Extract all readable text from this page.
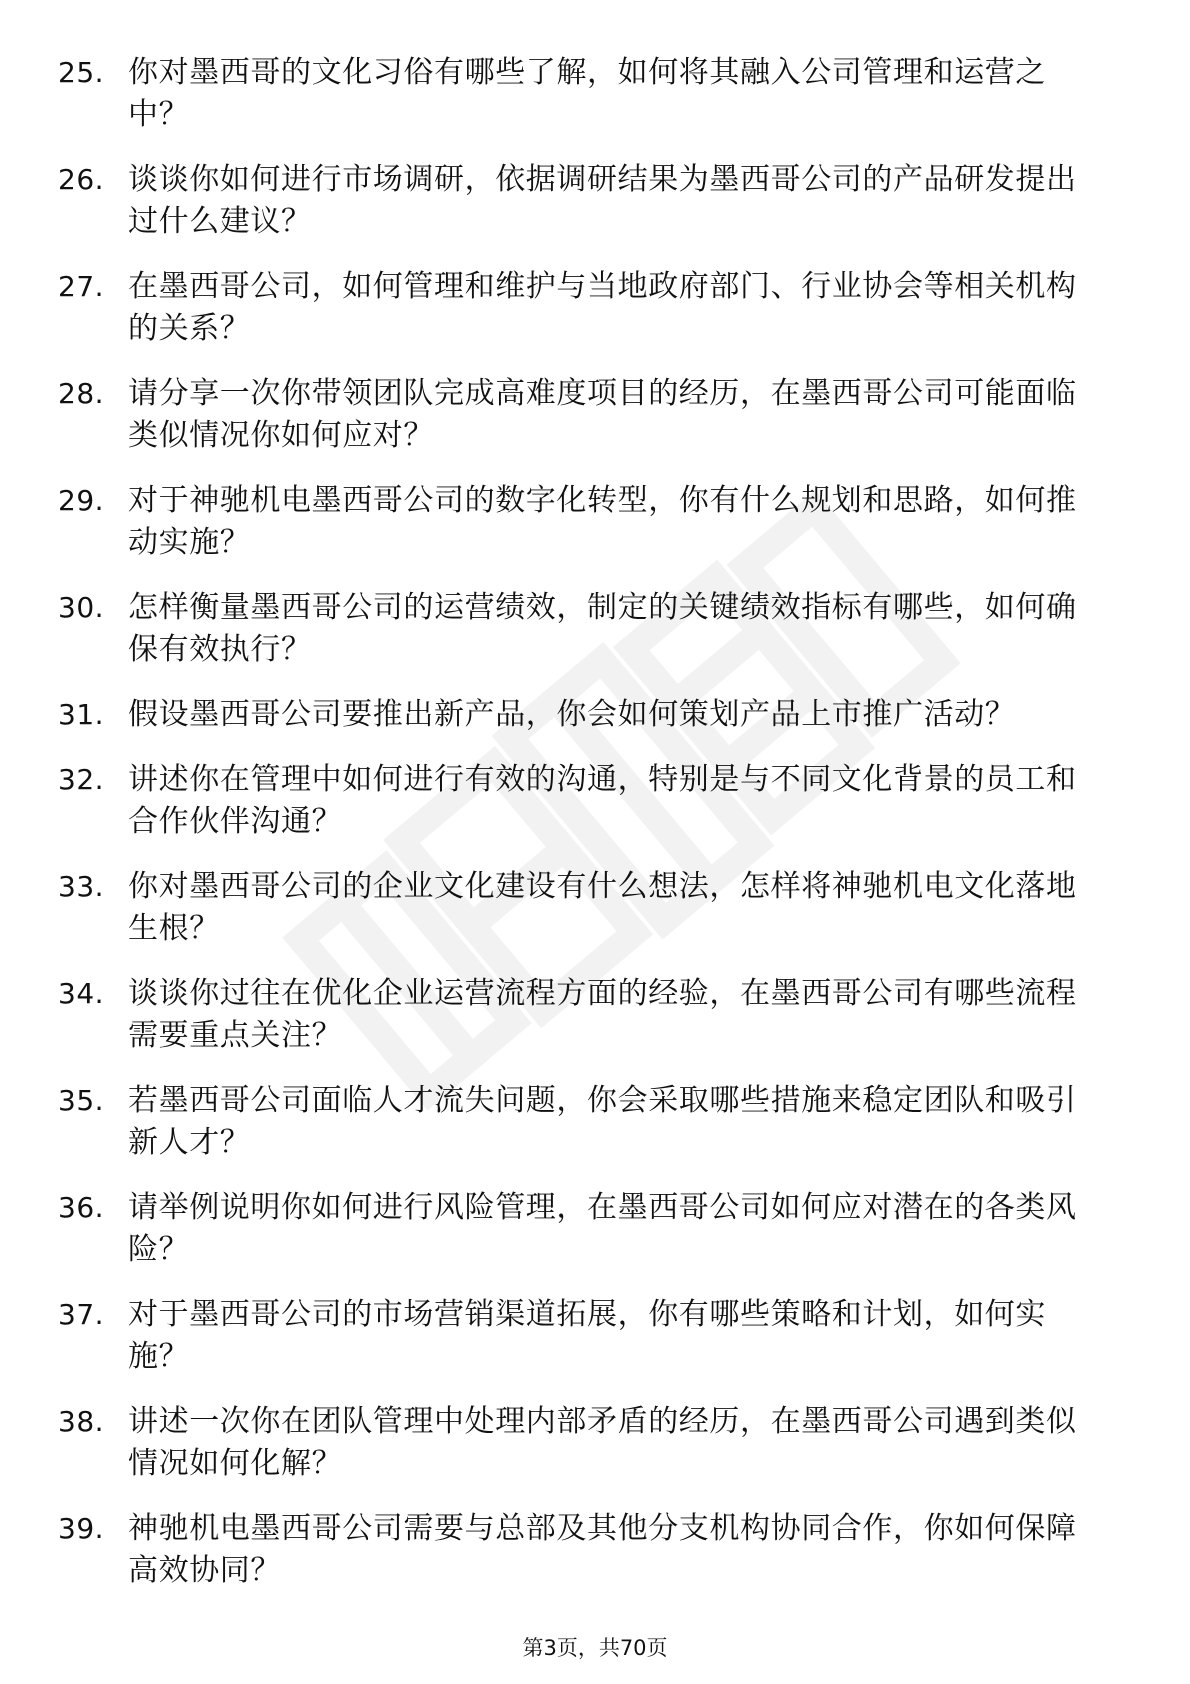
25. 你对墨西哥的文化习俗有哪些了解，如何将其融入公司管理和运营之中？
26. 谈谈你如何进行市场调研，依据调研结果为墨西哥公司的产品研发提出过什么建议？
27. 在墨西哥公司，如何管理和维护与当地政府部门、行业协会等相关机构的关系？
28. 请分享一次你带领团队完成高难度项目的经历，在墨西哥公司可能面临类似情况你如何应对？
29. 对于神驰机电墨西哥公司的数字化转型，你有什么规划和思路，如何推动实施？
30. 怎样衡量墨西哥公司的运营绩效，制定的关键绩效指标有哪些，如何确保有效执行？
31. 假设墨西哥公司要推出新产品，你会如何策划产品上市推广活动？
32. 讲述你在管理中如何进行有效的沟通，特别是与不同文化背景的员工和合作伙伴沟通？
33. 你对墨西哥公司的企业文化建设有什么想法，怎样将神驰机电文化落地生根？
34. 谈谈你过往在优化企业运营流程方面的经验，在墨西哥公司有哪些流程需要重点关注？
35. 若墨西哥公司面临人才流失问题，你会采取哪些措施来稳定团队和吸引新人才？
36. 请举例说明你如何进行风险管理，在墨西哥公司如何应对潜在的各类风险？
37. 对于墨西哥公司的市场营销渠道拓展，你有哪些策略和计划，如何实施？
38. 讲述一次你在团队管理中处理内部矛盾的经历，在墨西哥公司遇到类似情况如何化解？
39. 神驰机电墨西哥公司需要与总部及其他分支机构协同合作，你如何保障高效协同？
第3页，共70页
